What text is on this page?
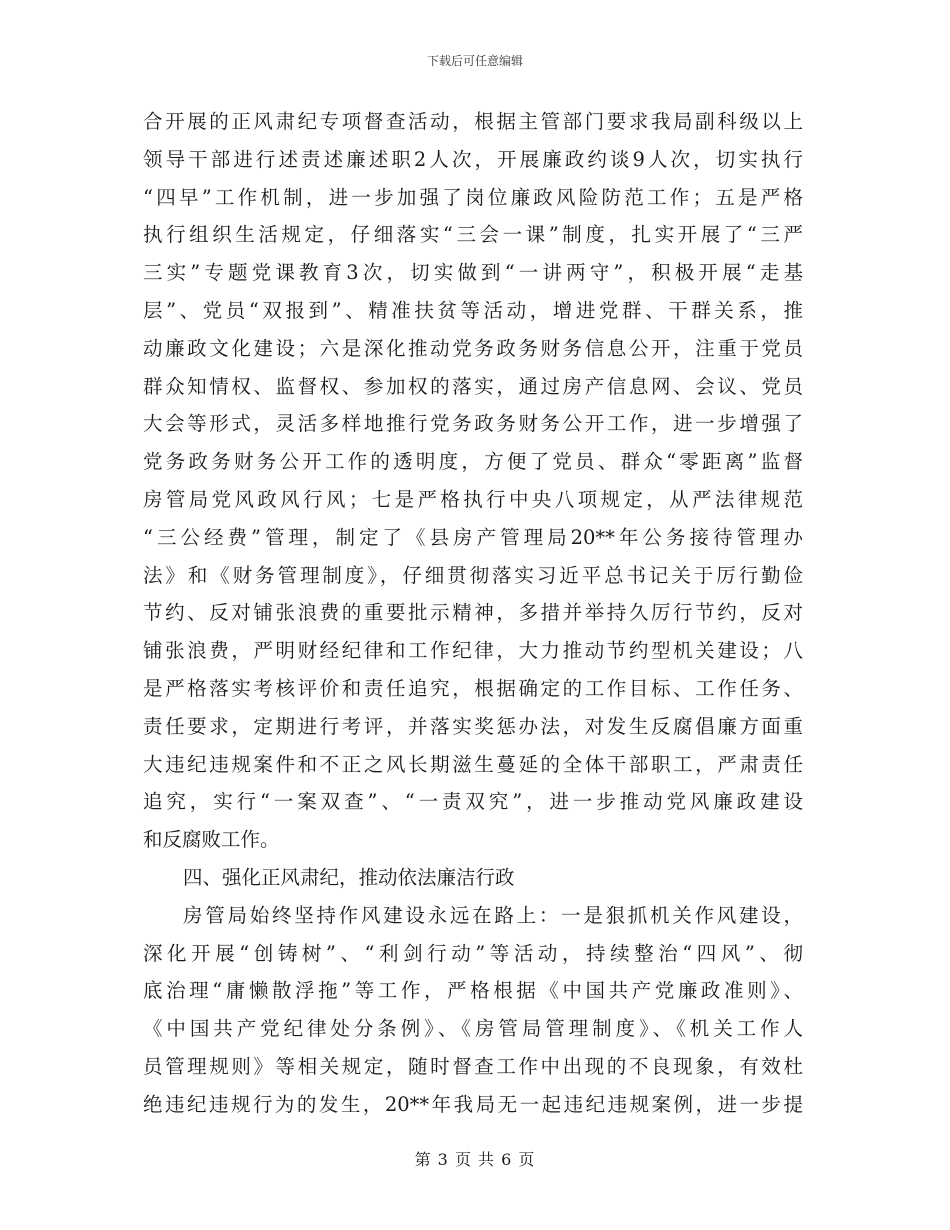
下载后可任意编辑
合开展的正风肃纪专项督查活动，根据主管部门要求我局副科级以上
领导干部进行述责述廉述职2人次，开展廉政约谈9人次，切实执行
“四早”工作机制，进一步加强了岗位廉政风险防范工作；五是严格
执行组织生活规定，仔细落实“三会一课”制度，扎实开展了“三严
三实”专题党课教育3次，切实做到“一讲两守”，积极开展“走基
层”、党员“双报到”、精准扶贫等活动，增进党群、干群关系，推
动廉政文化建设；六是深化推动党务政务财务信息公开，注重于党员
群众知情权、监督权、参加权的落实，通过房产信息网、会议、党员
大会等形式，灵活多样地推行党务政务财务公开工作，进一步增强了
党务政务财务公开工作的透明度，方便了党员、群众“零距离”监督
房管局党风政风行风；七是严格执行中央八项规定，从严法律规范
“三公经费”管理，制定了《县房产管理局20**年公务接待管理办
法》和《财务管理制度》，仔细贯彻落实习近平总书记关于厉行勤俭
节约、反对铺张浪费的重要批示精神，多措并举持久厉行节约，反对
铺张浪费，严明财经纪律和工作纪律，大力推动节约型机关建设；八
是严格落实考核评价和责任追究，根据确定的工作目标、工作任务、
责任要求，定期进行考评，并落实奖惩办法，对发生反腐倡廉方面重
大违纪违规案件和不正之风长期滋生蔓延的全体干部职工，严肃责任
追究，实行“一案双查”、“一责双究”，进一步推动党风廉政建设
和反腐败工作。
四、强化正风肃纪，推动依法廉洁行政
房管局始终坚持作风建设永远在路上：一是狠抓机关作风建设，
深化开展“创铸树”、“利剑行动”等活动，持续整治“四风”、彻
底治理“庸懒散浮拖”等工作，严格根据《中国共产党廉政准则》、
《中国共产党纪律处分条例》、《房管局管理制度》、《机关工作人
员管理规则》等相关规定，随时督查工作中出现的不良现象，有效杜
绝违纪违规行为的发生，20**年我局无一起违纪违规案例，进一步提
第 3 页 共 6 页
